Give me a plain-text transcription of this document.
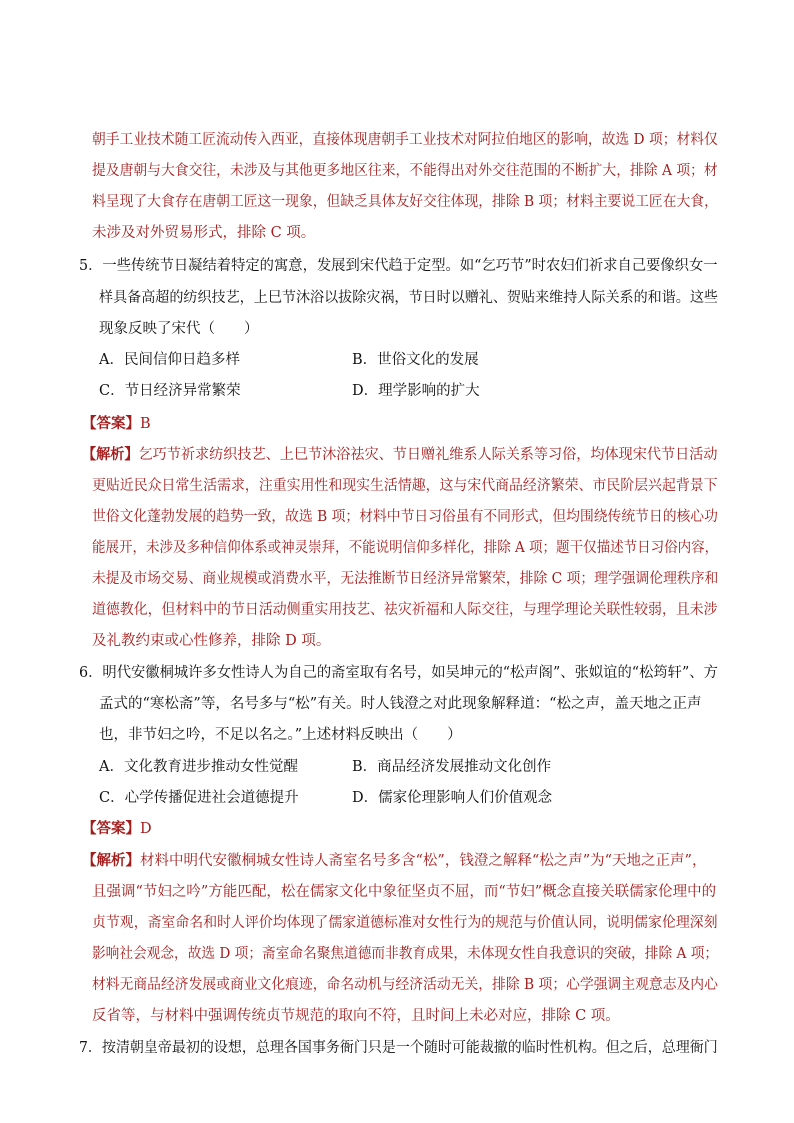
朝手工业技术随工匠流动传入西亚，直接体现唐朝手工业技术对阿拉伯地区的影响，故选 D 项；材料仅
提及唐朝与大食交往，未涉及与其他更多地区往来，不能得出对外交往范围的不断扩大，排除 A 项；材
料呈现了大食存在唐朝工匠这一现象，但缺乏具体友好交往体现，排除 B 项；材料主要说工匠在大食，
未涉及对外贸易形式，排除 C 项。
5．一些传统节日凝结着特定的寓意，发展到宋代趋于定型。如“乞巧节”时农妇们祈求自己要像织女一
样具备高超的纺织技艺，上巳节沐浴以拔除灾祸，节日时以赠礼、贺贴来维持人际关系的和谐。这些
现象反映了宋代（　　）
A．民间信仰日趋多样	B．世俗文化的发展
C．节日经济异常繁荣	D．理学影响的扩大
【答案】B
【解析】乞巧节祈求纺织技艺、上巳节沐浴祛灾、节日赠礼维系人际关系等习俗，均体现宋代节日活动
更贴近民众日常生活需求，注重实用性和现实生活情趣，这与宋代商品经济繁荣、市民阶层兴起背景下
世俗文化蓬勃发展的趋势一致，故选 B 项；材料中节日习俗虽有不同形式，但均围绕传统节日的核心功
能展开，未涉及多种信仰体系或神灵崇拜，不能说明信仰多样化，排除 A 项；题干仅描述节日习俗内容，
未提及市场交易、商业规模或消费水平，无法推断节日经济异常繁荣，排除 C 项；理学强调伦理秩序和
道德教化，但材料中的节日活动侧重实用技艺、祛灾祈福和人际交往，与理学理论关联性较弱，且未涉
及礼教约束或心性修养，排除 D 项。
6．明代安徽桐城许多女性诗人为自己的斋室取有名号，如吴坤元的“松声阁”、张姒谊的“松筠轩”、方
孟式的“寒松斋”等，名号多与“松”有关。时人钱澄之对此现象解释道：“松之声，盖天地之正声
也，非节妇之吟，不足以名之。”上述材料反映出（　　）
A．文化教育进步推动女性觉醒	B．商品经济发展推动文化创作
C．心学传播促进社会道德提升	D．儒家伦理影响人们价值观念
【答案】D
【解析】材料中明代安徽桐城女性诗人斋室名号多含“松”，钱澄之解释“松之声”为“天地之正声”，
且强调“节妇之吟”方能匹配，松在儒家文化中象征坚贞不屈，而“节妇”概念直接关联儒家伦理中的
贞节观，斋室命名和时人评价均体现了儒家道德标准对女性行为的规范与价值认同，说明儒家伦理深刻
影响社会观念，故选 D 项；斋室命名聚焦道德而非教育成果，未体现女性自我意识的突破，排除 A 项；
材料无商品经济发展或商业文化痕迹，命名动机与经济活动无关，排除 B 项；心学强调主观意志及内心
反省等，与材料中强调传统贞节规范的取向不符，且时间上未必对应，排除 C 项。
7．按清朝皇帝最初的设想，总理各国事务衙门只是一个随时可能裁撤的临时性机构。但之后，总理衙门
